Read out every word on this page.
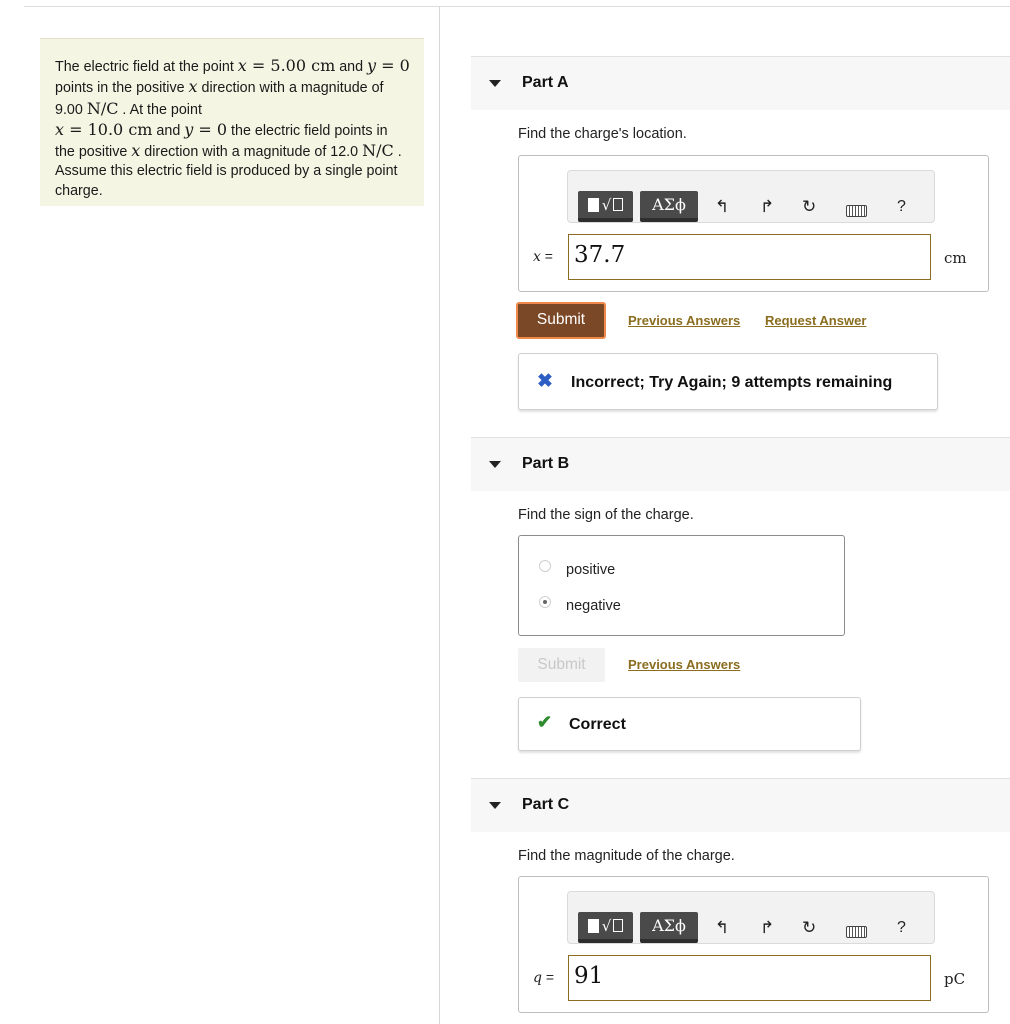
The electric field at the point x = 5.00 cm and y = 0 points in the positive x direction with a magnitude of 9.00 N/C . At the point
x = 10.0 cm and y = 0 the electric field points in the positive x direction with a magnitude of 12.0 N/C . Assume this electric field is produced by a single point charge.
Part A
Find the charge's location.
√	ΑΣϕ	↰ ↱ ↻	?
x = 37.7	cm
Submit	Previous Answers Request Answer
✖ Incorrect; Try Again; 9 attempts remaining
Part B
Find the sign of the charge.
positive
negative
Submit	Previous Answers
✔ Correct
Part C
Find the magnitude of the charge.
√	ΑΣϕ	↰ ↱ ↻	?
q = 91	pC
